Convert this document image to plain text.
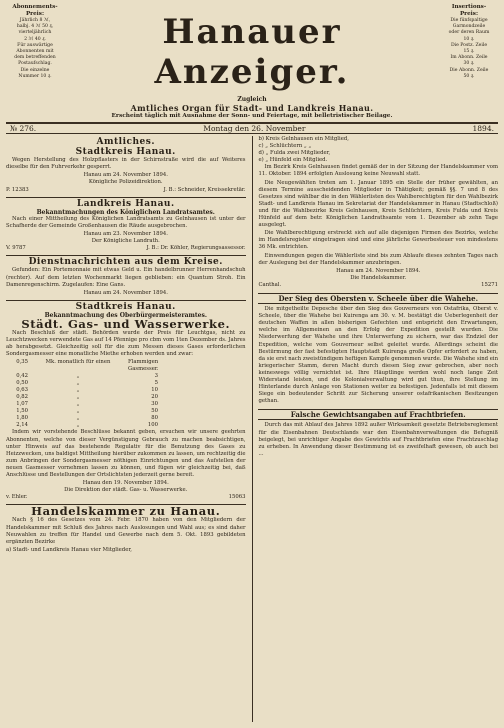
Abonnements-
Preis:
Jährlich 8 ℳ,
halbj. 4 ℳ 50 ₰,
vierteljährlich
2 ℳ 40 ₰.
Für auswärtige
Abonnenten mit
dem betreffenden
Postaufschlag.
Die einzelne
Nummer 10 ₰.
Insertions-
Preis:
Die fünfspaltige
Garmondzeile
oder deren Raum
10 ₰.
Die Postz. Zeile
15 ₰.
Im Abonn. Zeile
30 ₰.
Die Abonn. Zeile
50 ₰.
Hanauer Anzeiger.
Zugleich
Amtliches Organ für Stadt- und Landkreis Hanau.
Erscheint täglich mit Ausnahme der Sonn- und Feiertage, mit belletristischer Beilage.
№ 276.	Montag den 26. November	1894.
Amtliches.
Stadtkreis Hanau.

Wegen Herstellung des Holzpflasters in der Schirnstraße wird die auf Weiteres dieselbe für den Fuhrverkehr gesperrt.

Hanau am 24. November 1894.
Königliche Polizeidirektion.
P. 12383	J. B.: Schneider, Kreissekretär.
Landkreis Hanau.
Bekanntmachungen des Königlichen Landratsamtes.

Nach einer Mittheilung des Königlichen Landratsamts zu Gelnhausen ist unter der Schafherde der Gemeinde Großenhausen die Räude ausgebrochen.

Hanau am 23. November 1894.
Der Königliche Landrath.
V. 9787	J. B.: Dr. Köhler, Regierungsassessor.
Dienstnachrichten aus dem Kreise.

Gefunden: Ein Portemonnaie mit etwas Geld u. Ein handelbrunner Herrenhandschuh (rechter). Auf dem letzten Wochenmarkt liegen geblieben: ein Quantum Stroh. Ein Damenregenschirm. Zugelaufen: Eine Gans.

Hanau am 24. November 1894.
Stadtkreis Hanau.
Bekanntmachung des Oberbürgermeisteramtes.
Städt. Gas- und Wasserwerke.

Nach Beschluß der städt. Behörden wurde der Preis für Leuchtgas, nicht zu Leuchtzwecken verwendete Gas auf 14 Pfennige pro cbm vom 1ten Dezember ds. Jahres ab herabgesetzt. Gleichzeitig soll für die zum Messen dieses Gases erforderlichen Sondergasmesser eine monatliche Miethe erhoben werden und zwar:

0,35	Mk. monatlich für einen	Flammigen Gasmesser.
0,42	„	3
0,50	„	5
0,63	„	10
0,82	„	20
1,07	„	30
1,50	„	50
1,80	„	80
2,14	„	100

Indem wir vorstehende Beschlüsse bekannt geben, ersuchen wir unsere geehrten Abonnenten, welche von dieser Vergünstigung Gebrauch zu machen beabsichtigen, unter Hinweis auf das bestehende Regulativ für die Benutzung des Gases zu Heizzwecken, uns baldigst Mittheilung hierüber zukommen zu lassen, um rechtzeitig die zum Anbringen der Sondergasmesser nöthigen Einrichtungen und das Aufstellen der neuen Gasmesser vornehmen lassen zu können, und fügen wir gleichzeitig bei, daß Anschlüsse und Bestellungen der Ortslichtsten jederzeit gerne bereit.

Hanau den 19. November 1894.
Die Direktion der städt. Gas- u. Wasserwerke.
v. Ehler.	15063
Handelskammer zu Hanau.

Nach § 16 des Gesetzes vom 24. Febr. 1870 haben von den Mitgliedern der Handelskammer mit Schluß des Jahres nach Auslosungen und Wahl aus; es sind daher Neuwahlen zu treffen für Handel und Gewerbe nach dem 5. Okt. 1893 gebildeten ergänzten Bezirke

a) Stadt- und Landkreis Hanau vier Mitglieder,
b) Kreis Gelnhausen ein Mitglied,
c) „ Schlüchtern „ „
d) „ Fulda zwei Mitglieder,
e) „ Hünfeld ein Mitglied.

Im Bezirk Kreis Gelnhausen findet gemäß der in der Sitzung der Handelskammer vom 11. Oktober. 1894 erfolgten Auslosung keine Neuwahl statt.

Die Neugewählten treten am 1. Januar 1895 ein Stelle der früher gewählten, an diesem Termine ausscheidenden Mitglieder in Thätigkeit; gemäß §§. 7 und 8 des Gesetzes sind wählbar die in den Wählerlisten des Wahlberechtigten für den Wahlbezirk Stadt- und Landkreis Hanau im Sekretariat der Handelskammer in Hanau (Stadtschloß) und für die Wahlbezirke Kreis Gelnhausen, Kreis Schlüchtern, Kreis Fulda und Kreis Hünfeld auf dem betr. Königlichen Landrathsamte vom 1. Dezember ab zehn Tage ausgelegt.

Die Wahlberechtigung erstreckt sich auf alle diejenigen Firmen des Bezirks, welche im Handelsregister eingetragen sind und eine jährliche Gewerbesteuer von mindestens 36 Mk. entrichten.

Einwendungen gegen die Wählerliste sind bis zum Ablaufe dieses zehnten Tages nach der Auslegung bei der Handelskammer anzubringen.

Hanau am 24. November 1894.
Die Handelskammer.
Canthal.	15271
Der Sieg des Obersten v. Scheele über die Wahehe.

Die mitgetheilte Depesche über den Sieg des Gouverneurs von Ostafrika, Oberst v. Scheele, über die Wahehe bei Kuirenga am 30. v. M. bestätigt die Ueberlegenheit der deutschen Waffen in allen bisherigen Gefechten und entspricht den Erwartungen, welche im Allgemeinen an den Erfolg der Expedition gestellt wurden. Die Niederwerfung der Wahehe und ihre Unterwerfung zu sichern, war das Endziel der Expedition, welche vom Gouverneur selbst geleitet wurde. Allerdings scheint die Bestürmung der fast befestigten Hauptstadt Kuirenga große Opfer erfordert zu haben, da sie erst nach zweistündigem heftigen Kampfe genommen wurde. Die Wahehe sind ein kriegerischer Stamm, deren Macht durch diesen Sieg zwar gebrochen, aber noch keineswegs völlig vernichtet ist. Ihre Häuptlinge werden wohl noch lange Zeit Widerstand leisten, und die Kolonialverwaltung wird gut thun, ihre Stellung im Hinterlande durch Anlage von Stationen weiter zu befestigen. Jedenfalls ist mit diesem Siege ein bedeutender Schritt zur Sicherung unserer ostafrikanischen Besitzungen gethan.

Falsche Gewichtsangaben auf Frachtbriefen.

Durch das mit Ablauf des Jahres 1892 außer Wirksamkeit gesetzte Betriebsreglement für die Eisenbahnen Deutschlands war den Eisenbahnverwaltungen die Befugniß beigelegt, bei unrichtiger Angabe des Gewichts auf Frachtbriefen eine Frachtzuschlag zu erheben. In Anwendung dieser Bestimmung ist es zweifelhaft gewesen, ob auch bei ...
